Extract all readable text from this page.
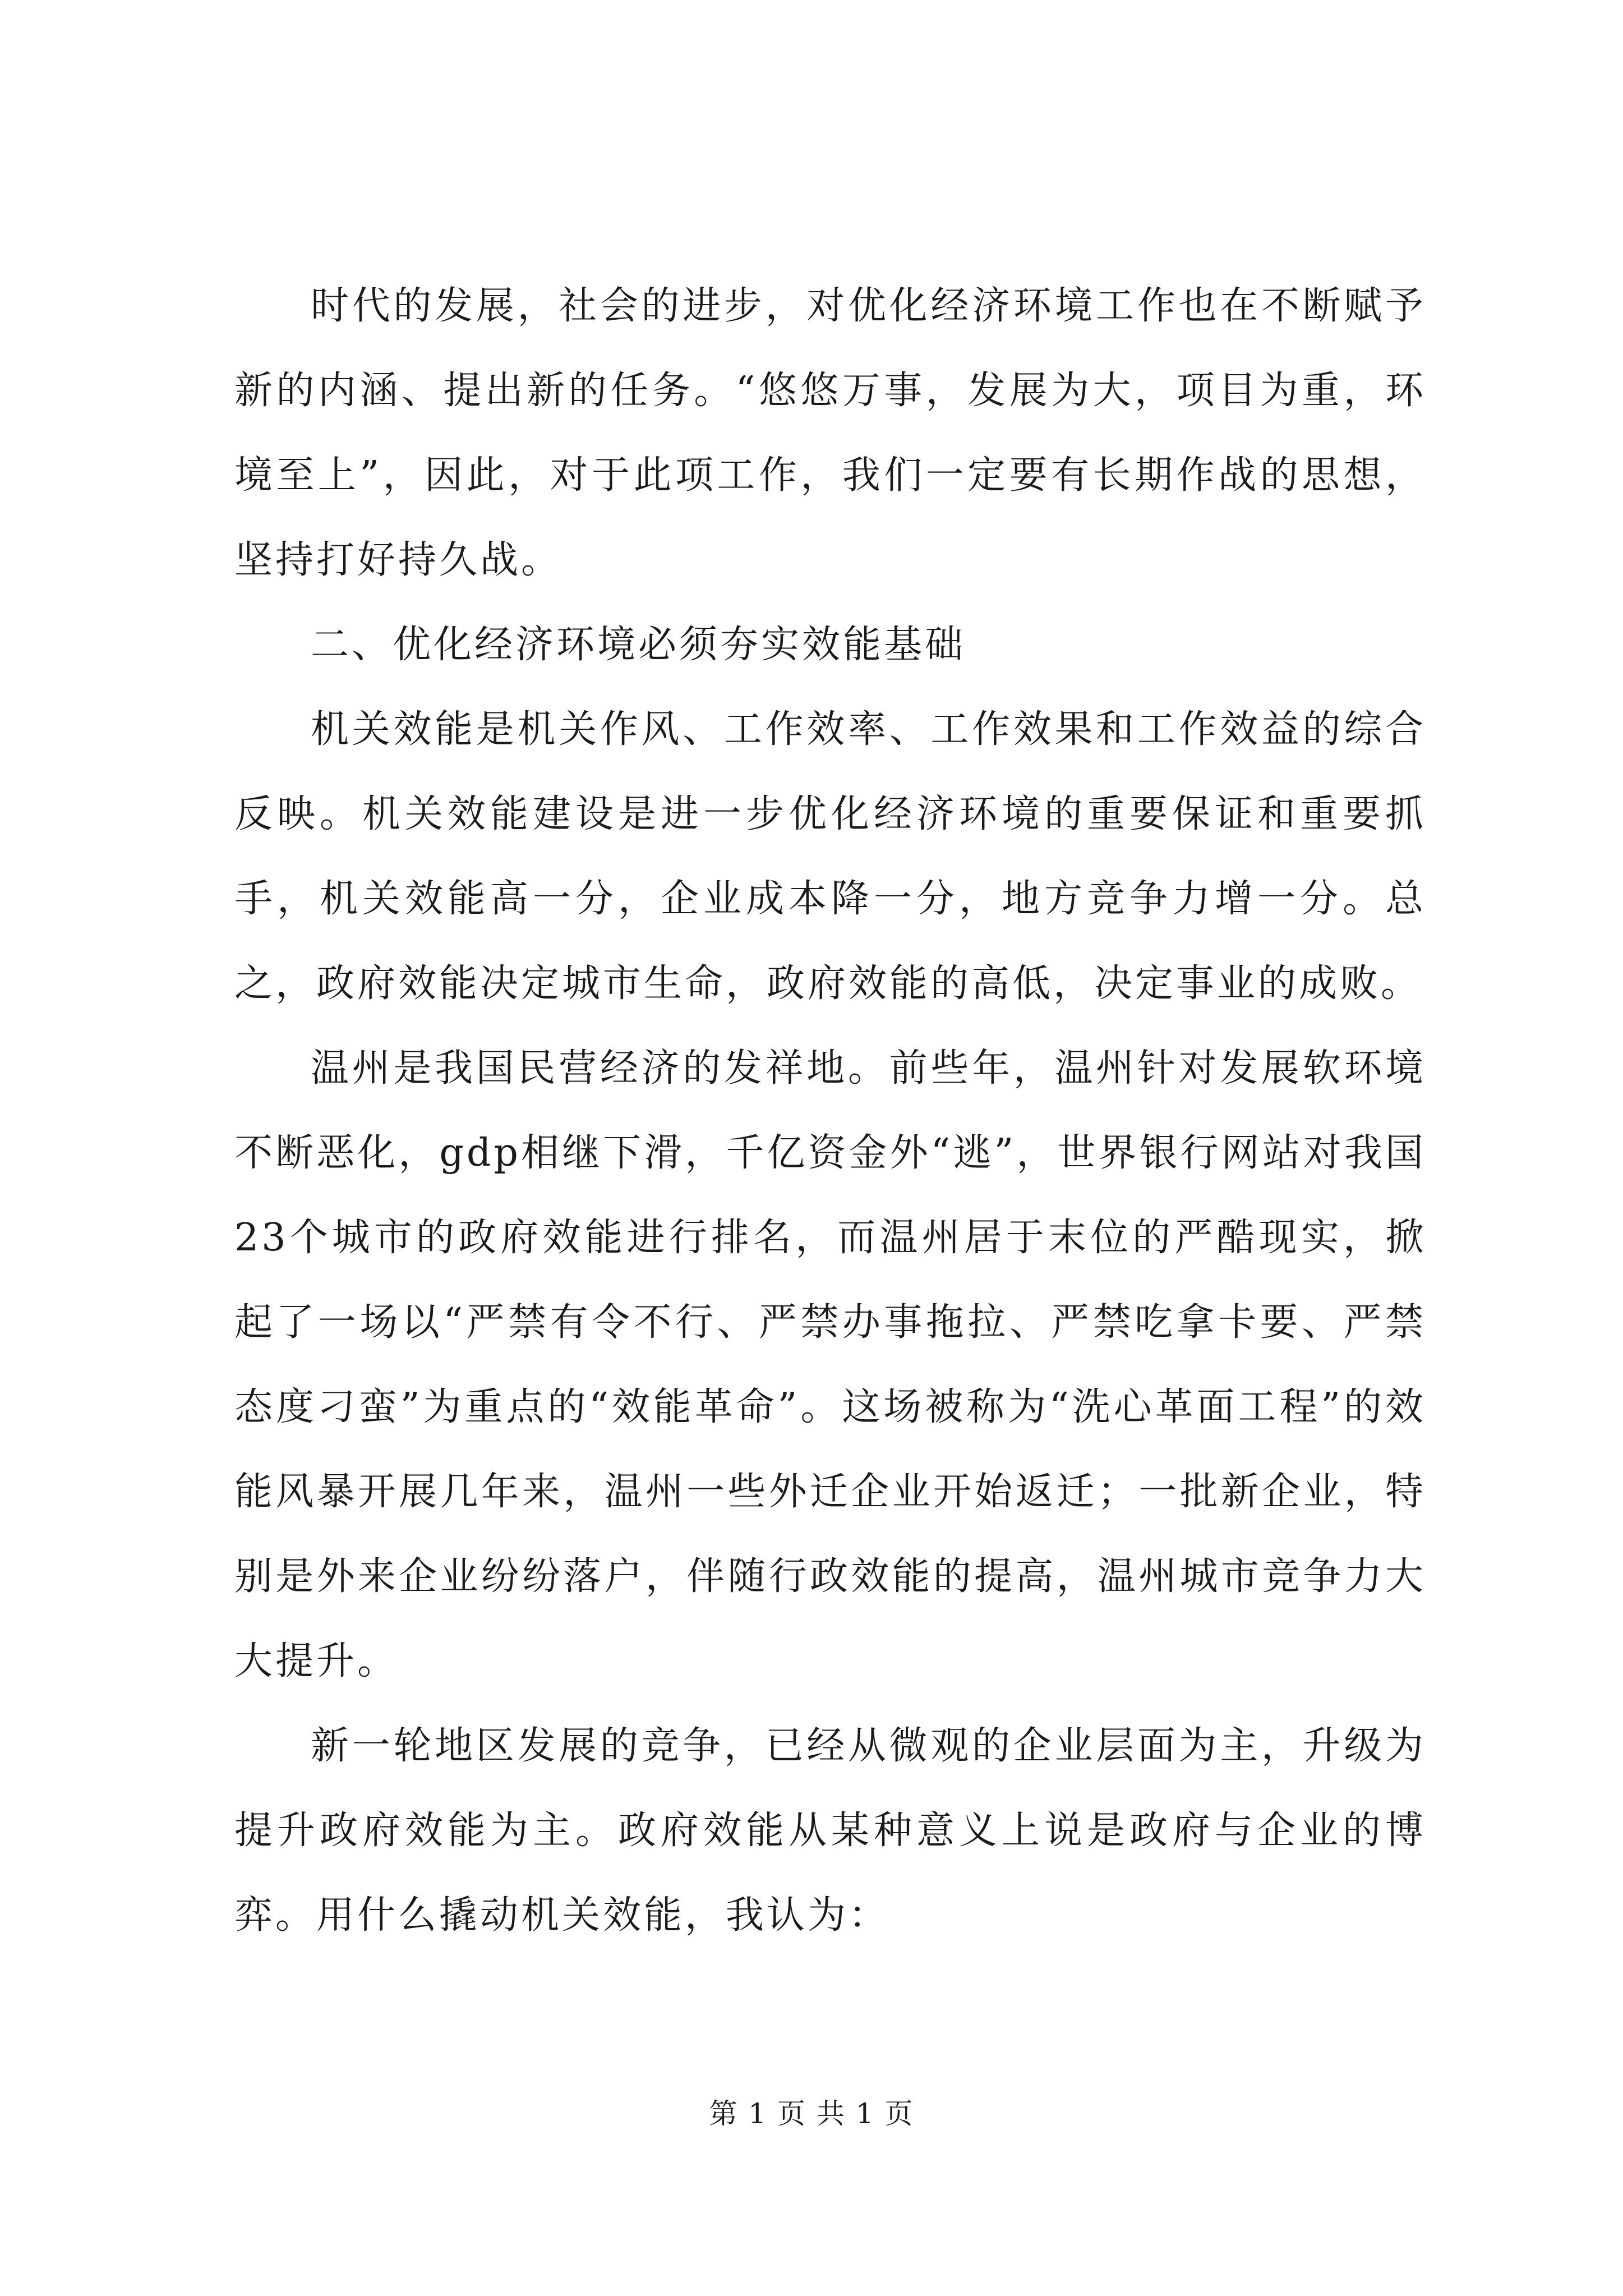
时代的发展，社会的进步，对优化经济环境工作也在不断赋予新的内涵、提出新的任务。“悠悠万事，发展为大，项目为重，环境至上”，因此，对于此项工作，我们一定要有长期作战的思想，坚持打好持久战。

二、优化经济环境必须夯实效能基础

机关效能是机关作风、工作效率、工作效果和工作效益的综合反映。机关效能建设是进一步优化经济环境的重要保证和重要抓手，机关效能高一分，企业成本降一分，地方竞争力增一分。总之，政府效能决定城市生命，政府效能的高低，决定事业的成败。

温州是我国民营经济的发祥地。前些年，温州针对发展软环境不断恶化，gdp相继下滑，千亿资金外“逃”，世界银行网站对我国23个城市的政府效能进行排名，而温州居于末位的严酷现实，掀起了一场以“严禁有令不行、严禁办事拖拉、严禁吃拿卡要、严禁态度刁蛮”为重点的“效能革命”。这场被称为“洗心革面工程”的效能风暴开展几年来，温州一些外迁企业开始返迁；一批新企业，特别是外来企业纷纷落户，伴随行政效能的提高，温州城市竞争力大大提升。

新一轮地区发展的竞争，已经从微观的企业层面为主，升级为提升政府效能为主。政府效能从某种意义上说是政府与企业的博弈。用什么撬动机关效能，我认为：

第 1 页 共 1 页
